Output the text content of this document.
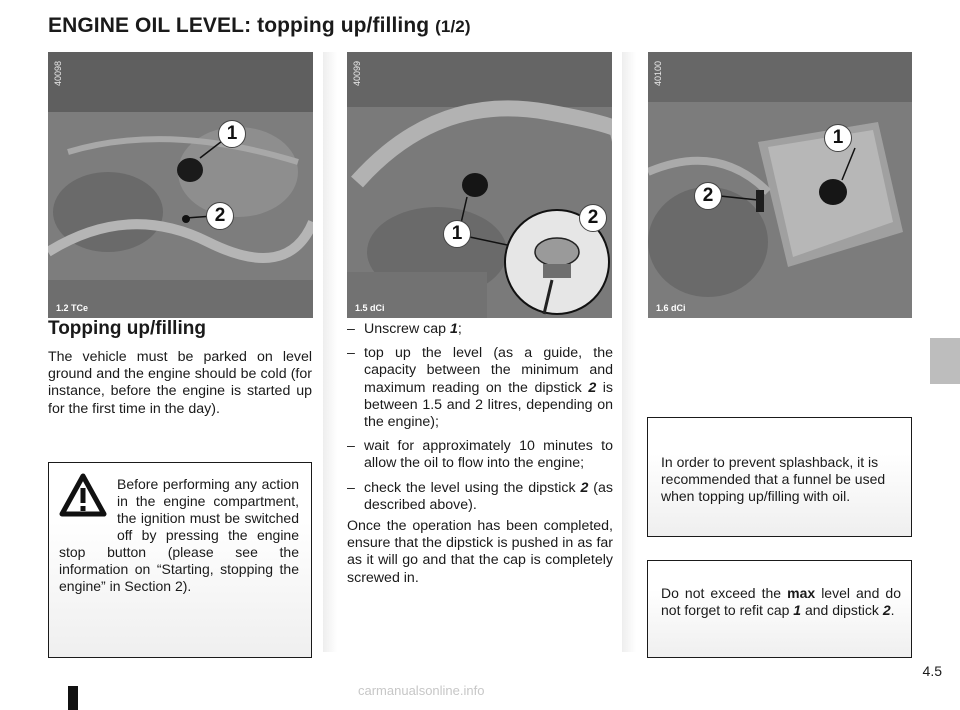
ENGINE OIL LEVEL: topping up/filling (1/2)
40098
1
2
1.2 TCe
40099
1
2
1.5 dCi
40100
1
2
1.6 dCi
Topping up/filling
The vehicle must be parked on level ground and the engine should be cold (for instance, before the engine is started up for the first time in the day).
Before performing any action in the engine compartment, the ignition must be switched off by pressing the engine stop button (please see the information on “Starting, stopping the engine” in Section 2).
– Unscrew cap 1;
– top up the level (as a guide, the capacity between the minimum and maximum reading on the dipstick 2 is between 1.5 and 2 litres, depending on the engine);
– wait for approximately 10 minutes to allow the oil to flow into the engine;
– check the level using the dipstick 2 (as described above).
Once the operation has been completed, ensure that the dipstick is pushed in as far as it will go and that the cap is completely screwed in.
In order to prevent splashback, it is recommended that a funnel be used when topping up/filling with oil.
Do not exceed the max level and do not forget to refit cap 1 and dipstick 2.
4.5
carmanualsonline.info
